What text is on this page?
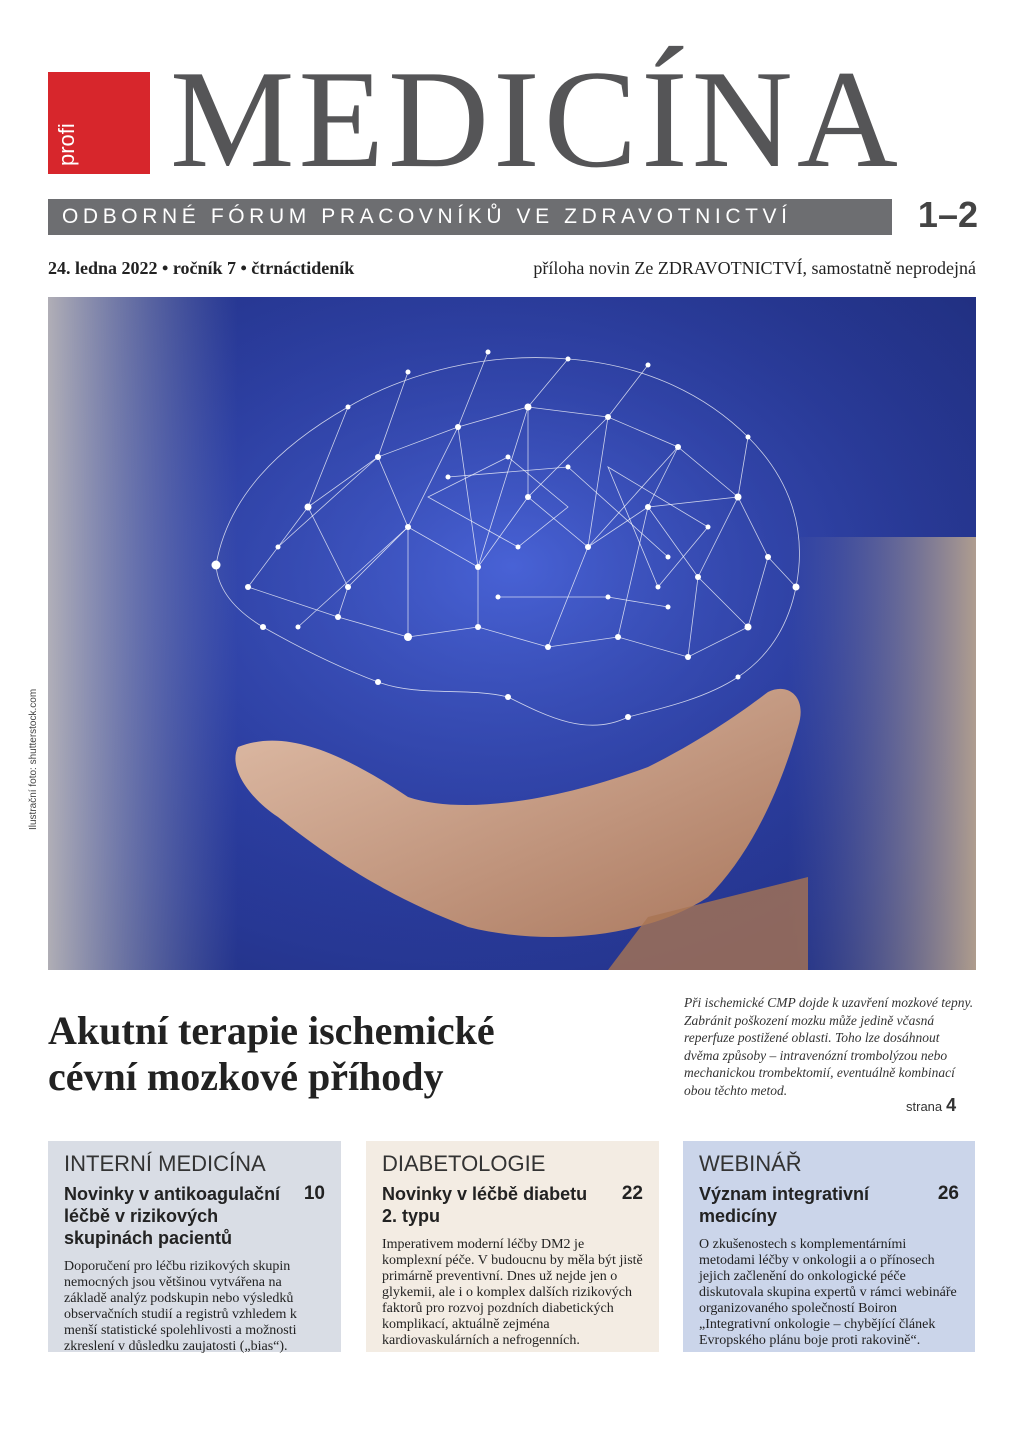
profi MEDICÍNA
ODBORNÉ FÓRUM PRACOVNÍKŮ VE ZDRAVOTNICTVÍ	1–2
24. ledna 2022 • ročník 7 • čtrnáctideník	příloha novin Ze ZDRAVOTNICTVÍ, samostatně neprodejná
Ilustrační foto: shutterstock.com
Akutní terapie ischemické
cévní mozkové příhody
Při ischemické CMP dojde k uzavření mozkové tepny. Zabránit poškození mozku může jedině včasná reperfuze postižené oblasti. Toho lze dosáhnout dvěma způsoby – intravenózní trombolýzou nebo mechanickou trombektomií, eventuálně kombinací obou těchto metod.
strana 4
INTERNÍ MEDICÍNA
Novinky v antikoagulační léčbě v rizikových skupinách pacientů
10
Doporučení pro léčbu rizikových skupin nemocných jsou většinou vytvářena na základě analýz podskupin nebo výsledků observačních studií a registrů vzhledem k menší statistické spolehlivosti a možnosti zkreslení v důsledku zaujatosti („bias“).
DIABETOLOGIE
Novinky v léčbě diabetu 2. typu
22
Imperativem moderní léčby DM2 je komplexní péče. V budoucnu by měla být jistě primárně preventivní. Dnes už nejde jen o glykemii, ale i o komplex dalších rizikových faktorů pro rozvoj pozdních diabetických komplikací, aktuálně zejména kardiovaskulárních a nefrogenních.
WEBINÁŘ
Význam integrativní medicíny
26
O zkušenostech s komplementárními metodami léčby v onkologii a o přínosech jejich začlenění do onkologické péče diskutovala skupina expertů v rámci webináře organizovaného společností Boiron „Integrativní onkologie – chybějící článek Evropského plánu boje proti rakovině“.
